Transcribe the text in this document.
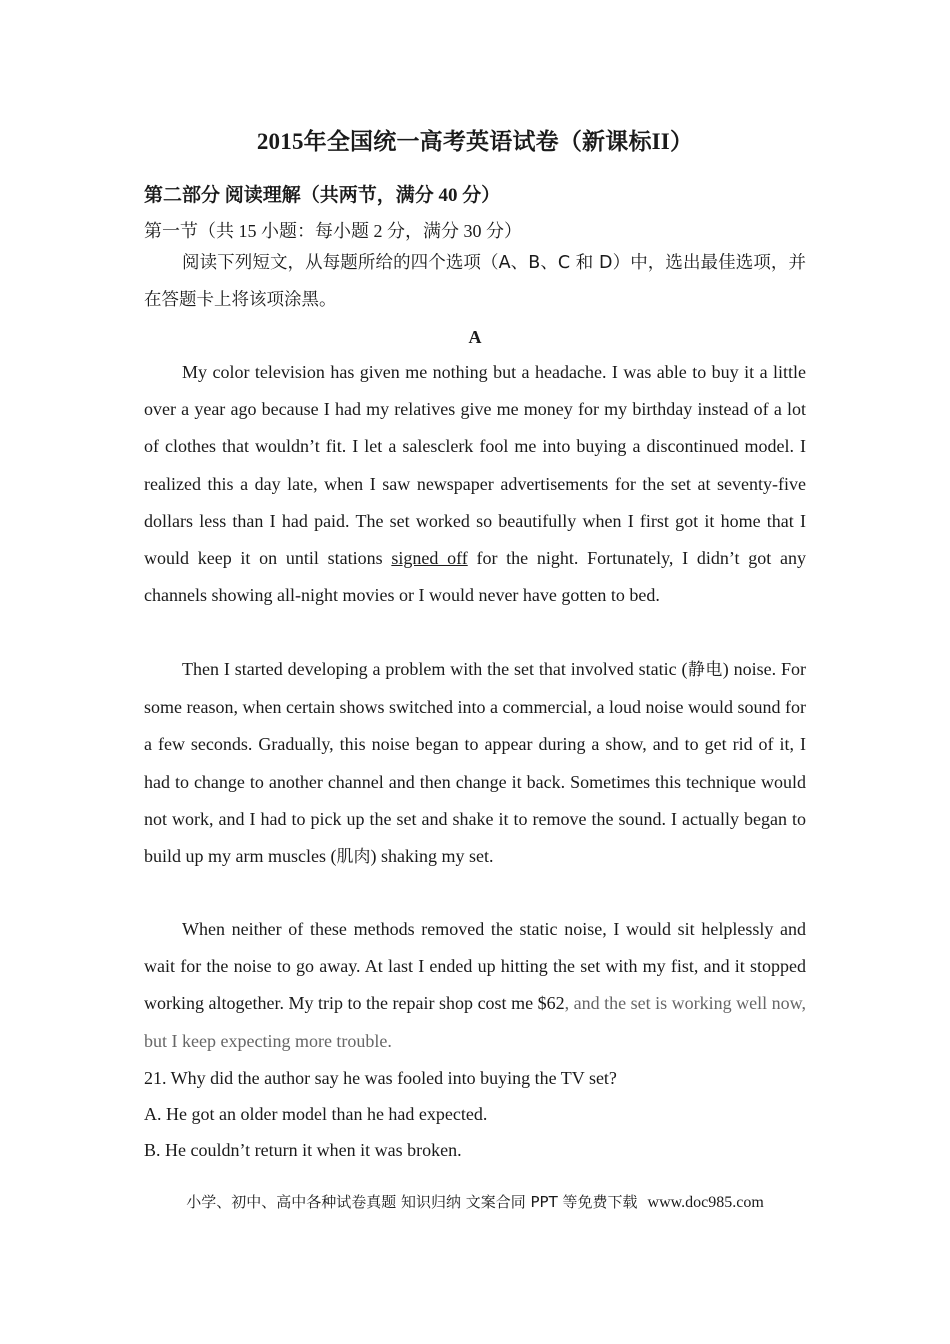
2015年全国统一高考英语试卷（新课标II）
第二部分 阅读理解（共两节，满分 40 分）
第一节（共 15 小题：每小题 2 分，满分 30 分）

阅读下列短文，从每题所给的四个选项（A、B、C 和 D）中，选出最佳选项，并在答题卡上将该项涂黑。

A

My color television has given me nothing but a headache. I was able to buy it a little over a year ago because I had my relatives give me money for my birthday instead of a lot of clothes that wouldn’t fit. I let a salesclerk fool me into buying a discontinued model. I realized this a day late, when I saw newspaper advertisements for the set at seventy-five dollars less than I had paid. The set worked so beautifully when I first got it home that I would keep it on until stations signed off for the night. Fortunately, I didn’t got any channels showing all-night movies or I would never have gotten to bed.

Then I started developing a problem with the set that involved static (静电) noise. For some reason, when certain shows switched into a commercial, a loud noise would sound for a few seconds. Gradually, this noise began to appear during a show, and to get rid of it, I had to change to another channel and then change it back. Sometimes this technique would not work, and I had to pick up the set and shake it to remove the sound. I actually began to build up my arm muscles (肌肉) shaking my set.

When neither of these methods removed the static noise, I would sit helplessly and wait for the noise to go away. At last I ended up hitting the set with my fist, and it stopped working altogether. My trip to the repair shop cost me $62, and the set is working well now, but I keep expecting more trouble.

21. Why did the author say he was fooled into buying the TV set?
A. He got an older model than he had expected.
B. He couldn’t return it when it was broken.
小学、初中、高中各种试卷真题 知识归纳 文案合同 PPT 等免费下载 www.doc985.com
